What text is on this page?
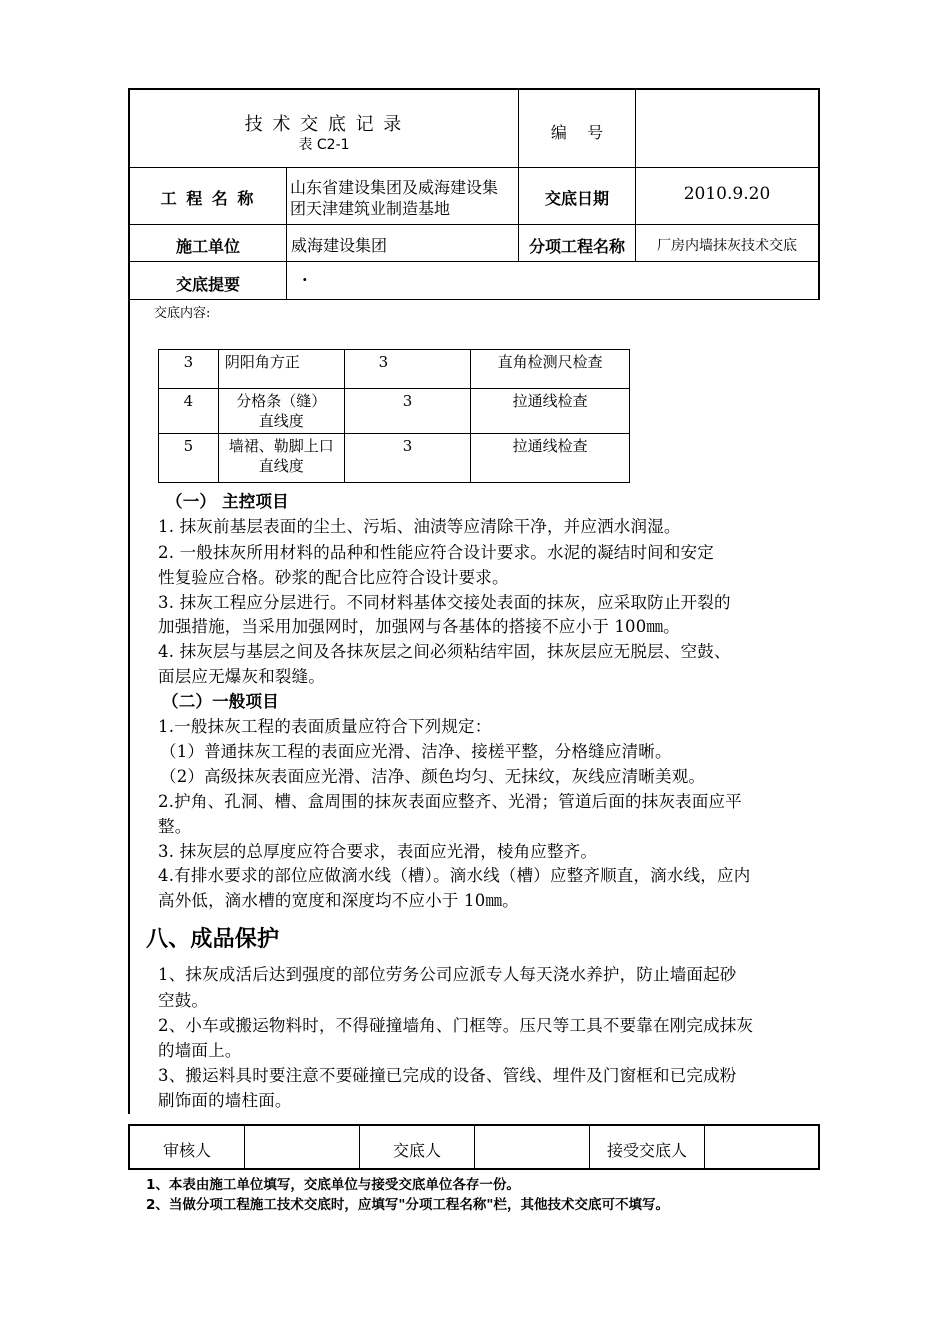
技 术 交 底 记 录
表 C2-1
编    号
工 程 名 称
山东省建设集团及威海建设集
团天津建筑业制造基地
交底日期	2010.9.20
施工单位	威海建设集团	分项工程名称	厂房内墙抹灰技术交底
交底提要	·
交底内容:
3	阴阳角方正	3	直角检测尺检查
4	分格条（缝）
直线度	3	拉通线检查
5	墙裙、勒脚上口
直线度	3	拉通线检查
（一） 主控项目
1. 抹灰前基层表面的尘土、污垢、油渍等应清除干净，并应洒水润湿。
2. 一般抹灰所用材料的品种和性能应符合设计要求。水泥的凝结时间和安定
性复验应合格。砂浆的配合比应符合设计要求。
3. 抹灰工程应分层进行。不同材料基体交接处表面的抹灰，应采取防止开裂的
加强措施，当采用加强网时，加强网与各基体的搭接不应小于 100㎜。
4. 抹灰层与基层之间及各抹灰层之间必须粘结牢固，抹灰层应无脱层、空鼓、
面层应无爆灰和裂缝。
（二）一般项目
1.一般抹灰工程的表面质量应符合下列规定：
（1）普通抹灰工程的表面应光滑、洁净、接槎平整，分格缝应清晰。
（2）高级抹灰表面应光滑、洁净、颜色均匀、无抹纹，灰线应清晰美观。
2.护角、孔洞、槽、盒周围的抹灰表面应整齐、光滑；管道后面的抹灰表面应平
整。
3. 抹灰层的总厚度应符合要求，表面应光滑，棱角应整齐。
4.有排水要求的部位应做滴水线（槽）。滴水线（槽）应整齐顺直，滴水线，应内
高外低，滴水槽的宽度和深度均不应小于 10㎜。
八、成品保护
1、抹灰成活后达到强度的部位劳务公司应派专人每天浇水养护，防止墙面起砂
空鼓。
2、小车或搬运物料时，不得碰撞墙角、门框等。压尺等工具不要靠在刚完成抹灰
的墙面上。
3、搬运料具时要注意不要碰撞已完成的设备、管线、埋件及门窗框和已完成粉
刷饰面的墙柱面。
审核人	交底人	接受交底人
1、本表由施工单位填写，交底单位与接受交底单位各存一份。
2、当做分项工程施工技术交底时，应填写"分项工程名称"栏，其他技术交底可不填写。
